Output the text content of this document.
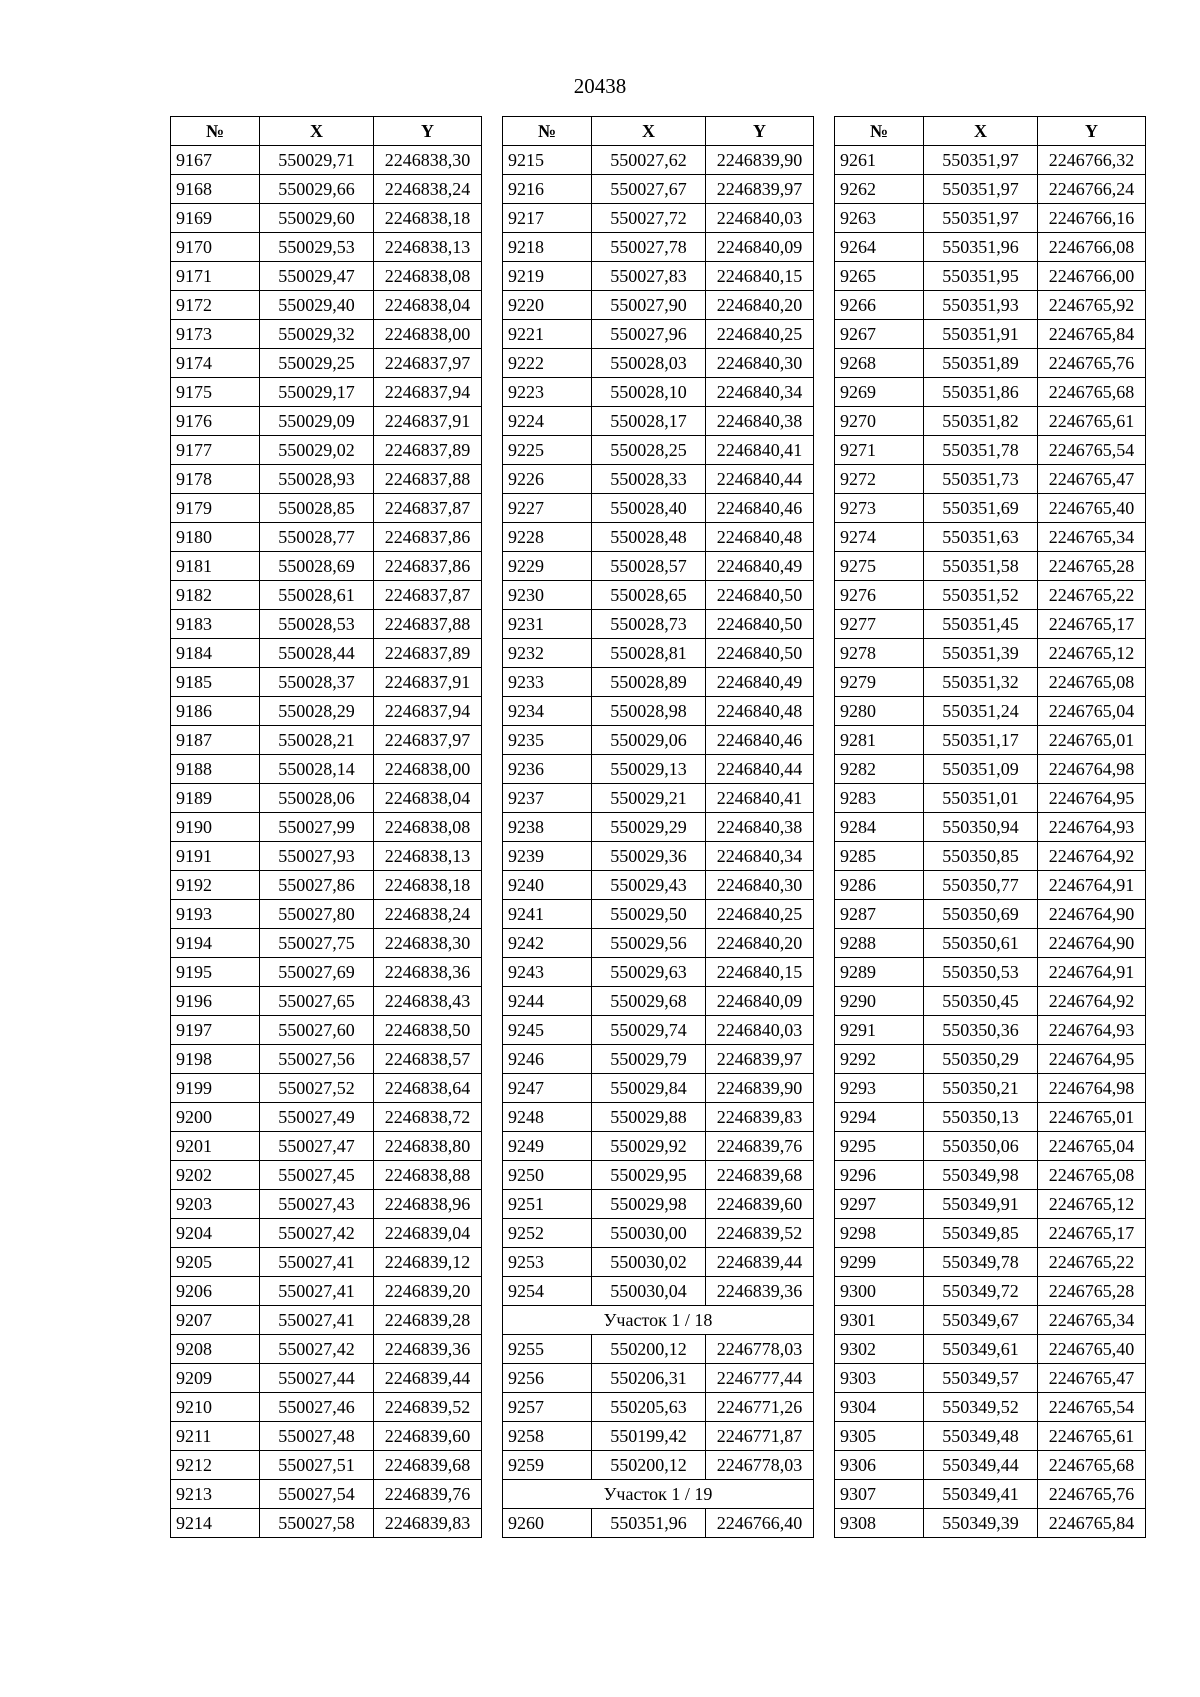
20438
№	X	Y
9167	550029,71	2246838,30
9168	550029,66	2246838,24
9169	550029,60	2246838,18
9170	550029,53	2246838,13
9171	550029,47	2246838,08
9172	550029,40	2246838,04
9173	550029,32	2246838,00
9174	550029,25	2246837,97
9175	550029,17	2246837,94
9176	550029,09	2246837,91
9177	550029,02	2246837,89
9178	550028,93	2246837,88
9179	550028,85	2246837,87
9180	550028,77	2246837,86
9181	550028,69	2246837,86
9182	550028,61	2246837,87
9183	550028,53	2246837,88
9184	550028,44	2246837,89
9185	550028,37	2246837,91
9186	550028,29	2246837,94
9187	550028,21	2246837,97
9188	550028,14	2246838,00
9189	550028,06	2246838,04
9190	550027,99	2246838,08
9191	550027,93	2246838,13
9192	550027,86	2246838,18
9193	550027,80	2246838,24
9194	550027,75	2246838,30
9195	550027,69	2246838,36
9196	550027,65	2246838,43
9197	550027,60	2246838,50
9198	550027,56	2246838,57
9199	550027,52	2246838,64
9200	550027,49	2246838,72
9201	550027,47	2246838,80
9202	550027,45	2246838,88
9203	550027,43	2246838,96
9204	550027,42	2246839,04
9205	550027,41	2246839,12
9206	550027,41	2246839,20
9207	550027,41	2246839,28
9208	550027,42	2246839,36
9209	550027,44	2246839,44
9210	550027,46	2246839,52
9211	550027,48	2246839,60
9212	550027,51	2246839,68
9213	550027,54	2246839,76
9214	550027,58	2246839,83
№	X	Y
9215	550027,62	2246839,90
9216	550027,67	2246839,97
9217	550027,72	2246840,03
9218	550027,78	2246840,09
9219	550027,83	2246840,15
9220	550027,90	2246840,20
9221	550027,96	2246840,25
9222	550028,03	2246840,30
9223	550028,10	2246840,34
9224	550028,17	2246840,38
9225	550028,25	2246840,41
9226	550028,33	2246840,44
9227	550028,40	2246840,46
9228	550028,48	2246840,48
9229	550028,57	2246840,49
9230	550028,65	2246840,50
9231	550028,73	2246840,50
9232	550028,81	2246840,50
9233	550028,89	2246840,49
9234	550028,98	2246840,48
9235	550029,06	2246840,46
9236	550029,13	2246840,44
9237	550029,21	2246840,41
9238	550029,29	2246840,38
9239	550029,36	2246840,34
9240	550029,43	2246840,30
9241	550029,50	2246840,25
9242	550029,56	2246840,20
9243	550029,63	2246840,15
9244	550029,68	2246840,09
9245	550029,74	2246840,03
9246	550029,79	2246839,97
9247	550029,84	2246839,90
9248	550029,88	2246839,83
9249	550029,92	2246839,76
9250	550029,95	2246839,68
9251	550029,98	2246839,60
9252	550030,00	2246839,52
9253	550030,02	2246839,44
9254	550030,04	2246839,36
Участок 1 / 18		
9255	550200,12	2246778,03
9256	550206,31	2246777,44
9257	550205,63	2246771,26
9258	550199,42	2246771,87
9259	550200,12	2246778,03
Участок 1 / 19		
9260	550351,96	2246766,40
№	X	Y
9261	550351,97	2246766,32
9262	550351,97	2246766,24
9263	550351,97	2246766,16
9264	550351,96	2246766,08
9265	550351,95	2246766,00
9266	550351,93	2246765,92
9267	550351,91	2246765,84
9268	550351,89	2246765,76
9269	550351,86	2246765,68
9270	550351,82	2246765,61
9271	550351,78	2246765,54
9272	550351,73	2246765,47
9273	550351,69	2246765,40
9274	550351,63	2246765,34
9275	550351,58	2246765,28
9276	550351,52	2246765,22
9277	550351,45	2246765,17
9278	550351,39	2246765,12
9279	550351,32	2246765,08
9280	550351,24	2246765,04
9281	550351,17	2246765,01
9282	550351,09	2246764,98
9283	550351,01	2246764,95
9284	550350,94	2246764,93
9285	550350,85	2246764,92
9286	550350,77	2246764,91
9287	550350,69	2246764,90
9288	550350,61	2246764,90
9289	550350,53	2246764,91
9290	550350,45	2246764,92
9291	550350,36	2246764,93
9292	550350,29	2246764,95
9293	550350,21	2246764,98
9294	550350,13	2246765,01
9295	550350,06	2246765,04
9296	550349,98	2246765,08
9297	550349,91	2246765,12
9298	550349,85	2246765,17
9299	550349,78	2246765,22
9300	550349,72	2246765,28
9301	550349,67	2246765,34
9302	550349,61	2246765,40
9303	550349,57	2246765,47
9304	550349,52	2246765,54
9305	550349,48	2246765,61
9306	550349,44	2246765,68
9307	550349,41	2246765,76
9308	550349,39	2246765,84
